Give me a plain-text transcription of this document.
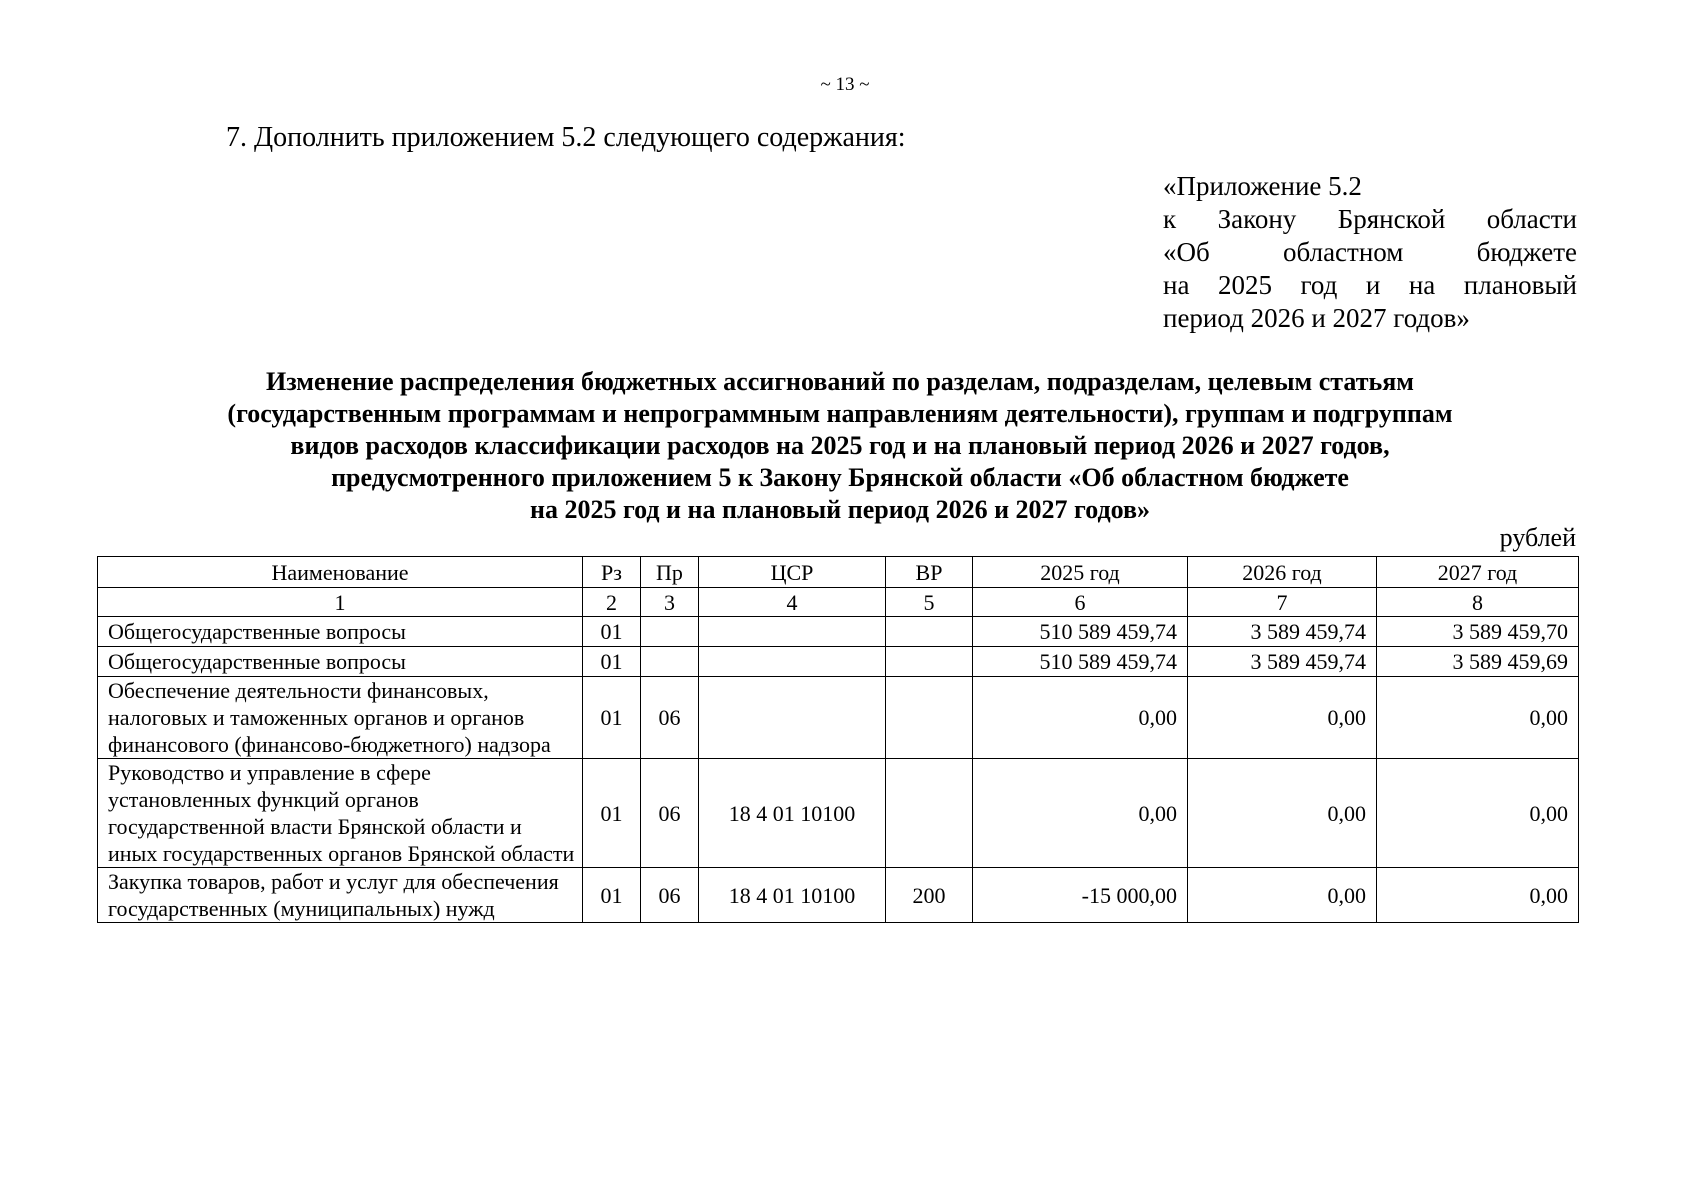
~ 13 ~
7. Дополнить приложением 5.2 следующего содержания:
«Приложение 5.2
к Закону Брянской области
«Об областном бюджете
на 2025 год и на плановый
период 2026 и 2027 годов»
Изменение распределения бюджетных ассигнований по разделам, подразделам, целевым статьям
(государственным программам и непрограммным направлениям деятельности), группам и подгруппам
видов расходов классификации расходов на 2025 год и на плановый период 2026 и 2027 годов,
предусмотренного приложением 5 к Закону Брянской области «Об областном бюджете
на 2025 год и на плановый период 2026 и 2027 годов»
рублей
Наименование	Рз	Пр	ЦСР	ВР	2025 год	2026 год	2027 год
1	2	3	4	5	6	7	8
Общегосударственные вопросы	01				510 589 459,74	3 589 459,74	3 589 459,70
Общегосударственные вопросы	01				510 589 459,74	3 589 459,74	3 589 459,69
Обеспечение деятельности финансовых, налоговых и таможенных органов и органов финансового (финансово-бюджетного) надзора	01	06			0,00	0,00	0,00
Руководство и управление в сфере установленных функций органов государственной власти Брянской области и иных государственных органов Брянской области	01	06	18 4 01 10100		0,00	0,00	0,00
Закупка товаров, работ и услуг для обеспечения государственных (муниципальных) нужд	01	06	18 4 01 10100	200	-15 000,00	0,00	0,00
